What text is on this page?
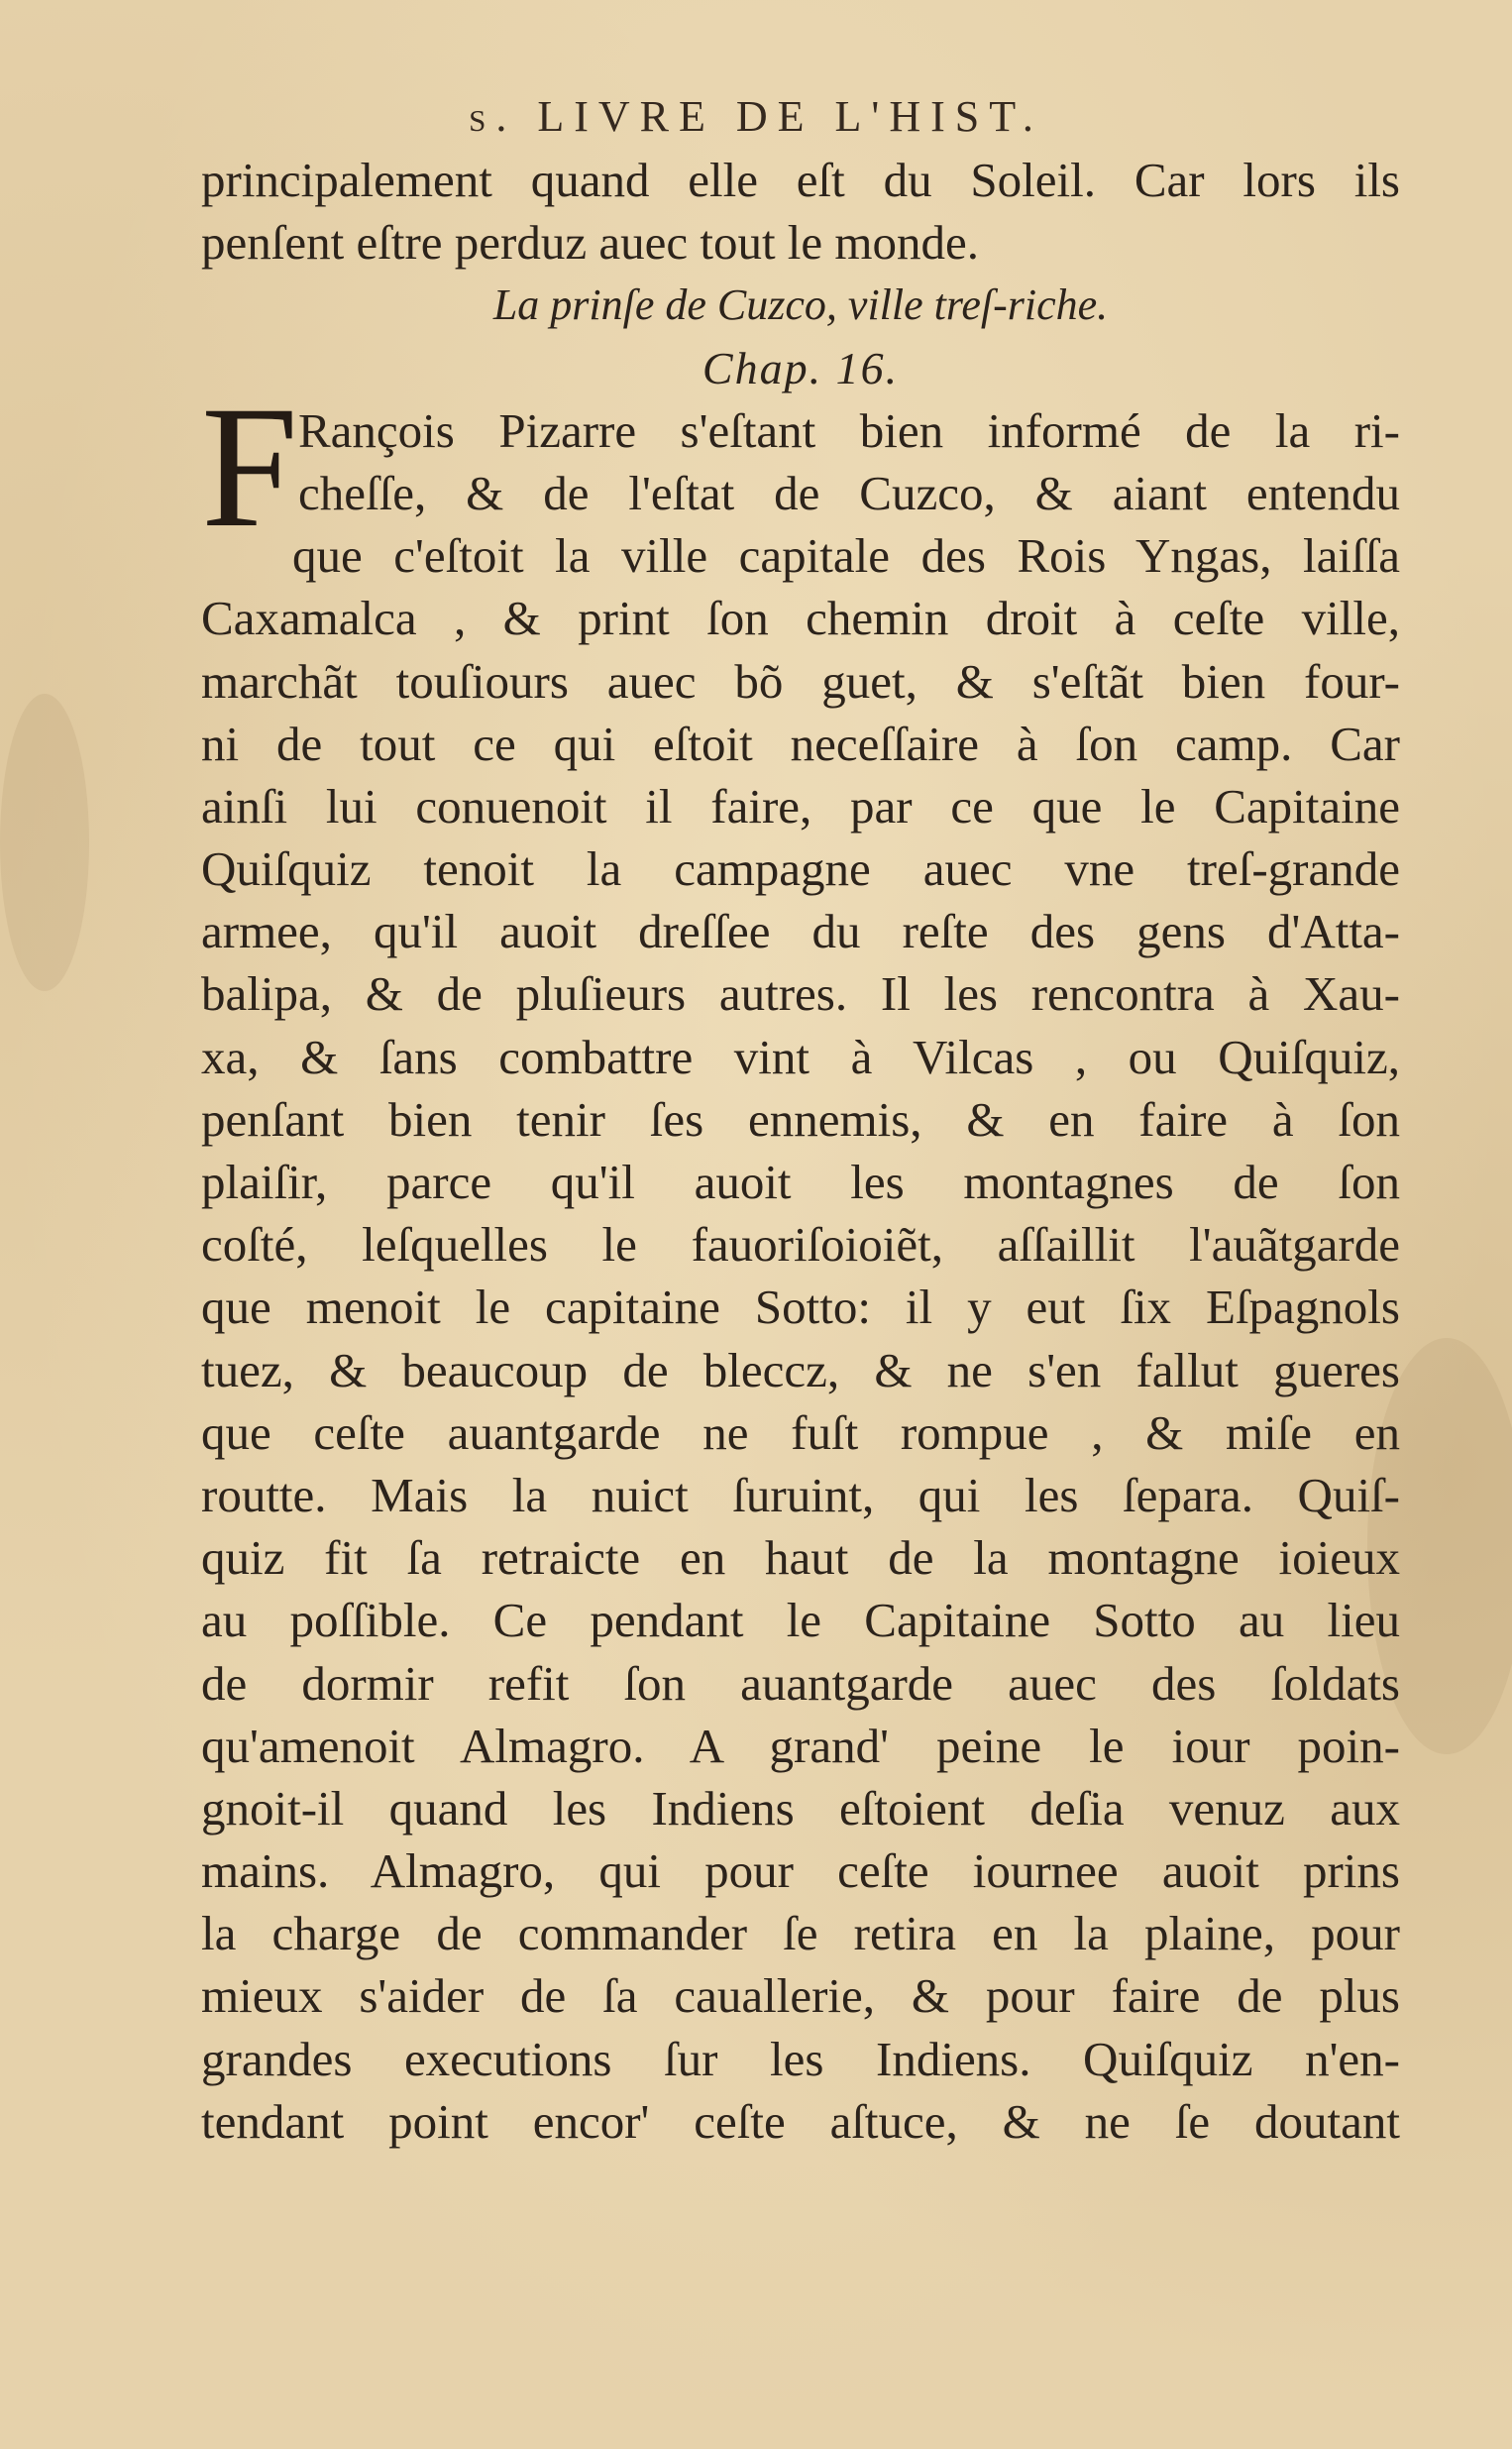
ſ. LIVRE DE L'HIST.
principalement quand elle eſt du Soleil. Car lors ils
penſent eſtre perduz auec tout le monde.
La prinſe de Cuzco, ville treſ-riche.
Chap. 16.
F Rançois Pizarre s'eſtant bien informé de la ri-
cheſſe, & de l'eſtat de Cuzco, & aiant entendu
que c'eſtoit la ville capitale des Rois Yngas, laiſſa
Caxamalca , & print ſon chemin droit à ceſte ville,
marchãt touſiours auec bõ guet, & s'eſtãt bien four-
ni de tout ce qui eſtoit neceſſaire à ſon camp. Car
ainſi lui conuenoit il faire, par ce que le Capitaine
Quiſquiz tenoit la campagne auec vne treſ-grande
armee, qu'il auoit dreſſee du reſte des gens d'Atta-
balipa, & de pluſieurs autres. Il les rencontra à Xau-
xa, & ſans combattre vint à Vilcas , ou Quiſquiz,
penſant bien tenir ſes ennemis, & en faire à ſon
plaiſir, parce qu'il auoit les montagnes de ſon
coſté, leſquelles le fauoriſoioiẽt, aſſaillit l'auãtgarde
que menoit le capitaine Sotto: il y eut ſix Eſpagnols
tuez, & beaucoup de bleccz, & ne s'en fallut gueres
que ceſte auantgarde ne fuſt rompue , & miſe en
routte. Mais la nuict ſuruint, qui les ſepara. Quiſ-
quiz fit ſa retraicte en haut de la montagne ioieux
au poſſible. Ce pendant le Capitaine Sotto au lieu
de dormir refit ſon auantgarde auec des ſoldats
qu'amenoit Almagro. A grand' peine le iour poin-
gnoit-il quand les Indiens eſtoient deſia venuz aux
mains. Almagro, qui pour ceſte iournee auoit prins
la charge de commander ſe retira en la plaine, pour
mieux s'aider de ſa cauallerie, & pour faire de plus
grandes executions ſur les Indiens. Quiſquiz n'en-
tendant point encor' ceſte aſtuce, & ne ſe doutant
